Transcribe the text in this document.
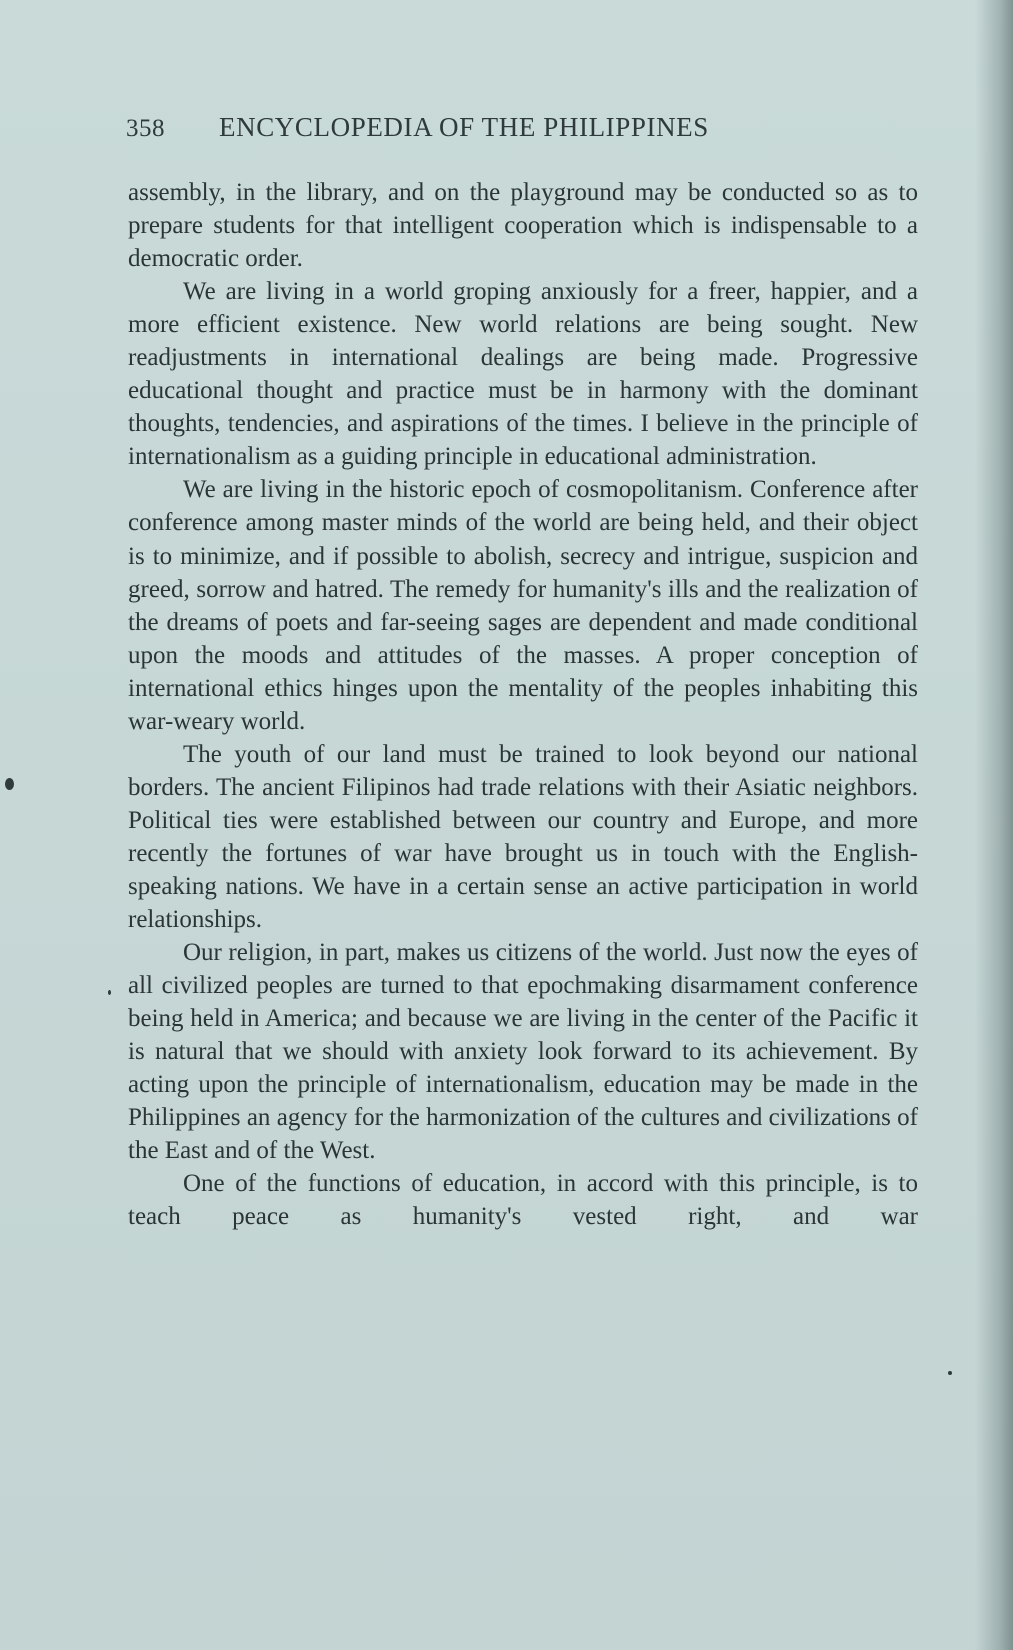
358 ENCYCLOPEDIA OF THE PHILIPPINES

assembly, in the library, and on the playground may be conducted so as to prepare students for that intelligent cooperation which is indispensable to a democratic order.

We are living in a world groping anxiously for a freer, happier, and a more efficient existence. New world relations are being sought. New readjustments in international dealings are being made. Progressive educational thought and practice must be in harmony with the dominant thoughts, tendencies, and aspirations of the times. I believe in the principle of internationalism as a guiding principle in educational administration.

We are living in the historic epoch of cosmopolitanism. Conference after conference among master minds of the world are being held, and their object is to minimize, and if possible to abolish, secrecy and intrigue, suspicion and greed, sorrow and hatred. The remedy for humanity's ills and the realization of the dreams of poets and far-seeing sages are dependent and made conditional upon the moods and attitudes of the masses. A proper conception of international ethics hinges upon the mentality of the peoples inhabiting this war-weary world.

The youth of our land must be trained to look beyond our national borders. The ancient Filipinos had trade relations with their Asiatic neighbors. Political ties were established between our country and Europe, and more recently the fortunes of war have brought us in touch with the English-speaking nations. We have in a certain sense an active participation in world relationships.

Our religion, in part, makes us citizens of the world. Just now the eyes of all civilized peoples are turned to that epochmaking disarmament conference being held in America; and because we are living in the center of the Pacific it is natural that we should with anxiety look forward to its achievement. By acting upon the principle of internationalism, education may be made in the Philippines an agency for the harmonization of the cultures and civilizations of the East and of the West.

One of the functions of education, in accord with this principle, is to teach peace as humanity's vested right, and war
